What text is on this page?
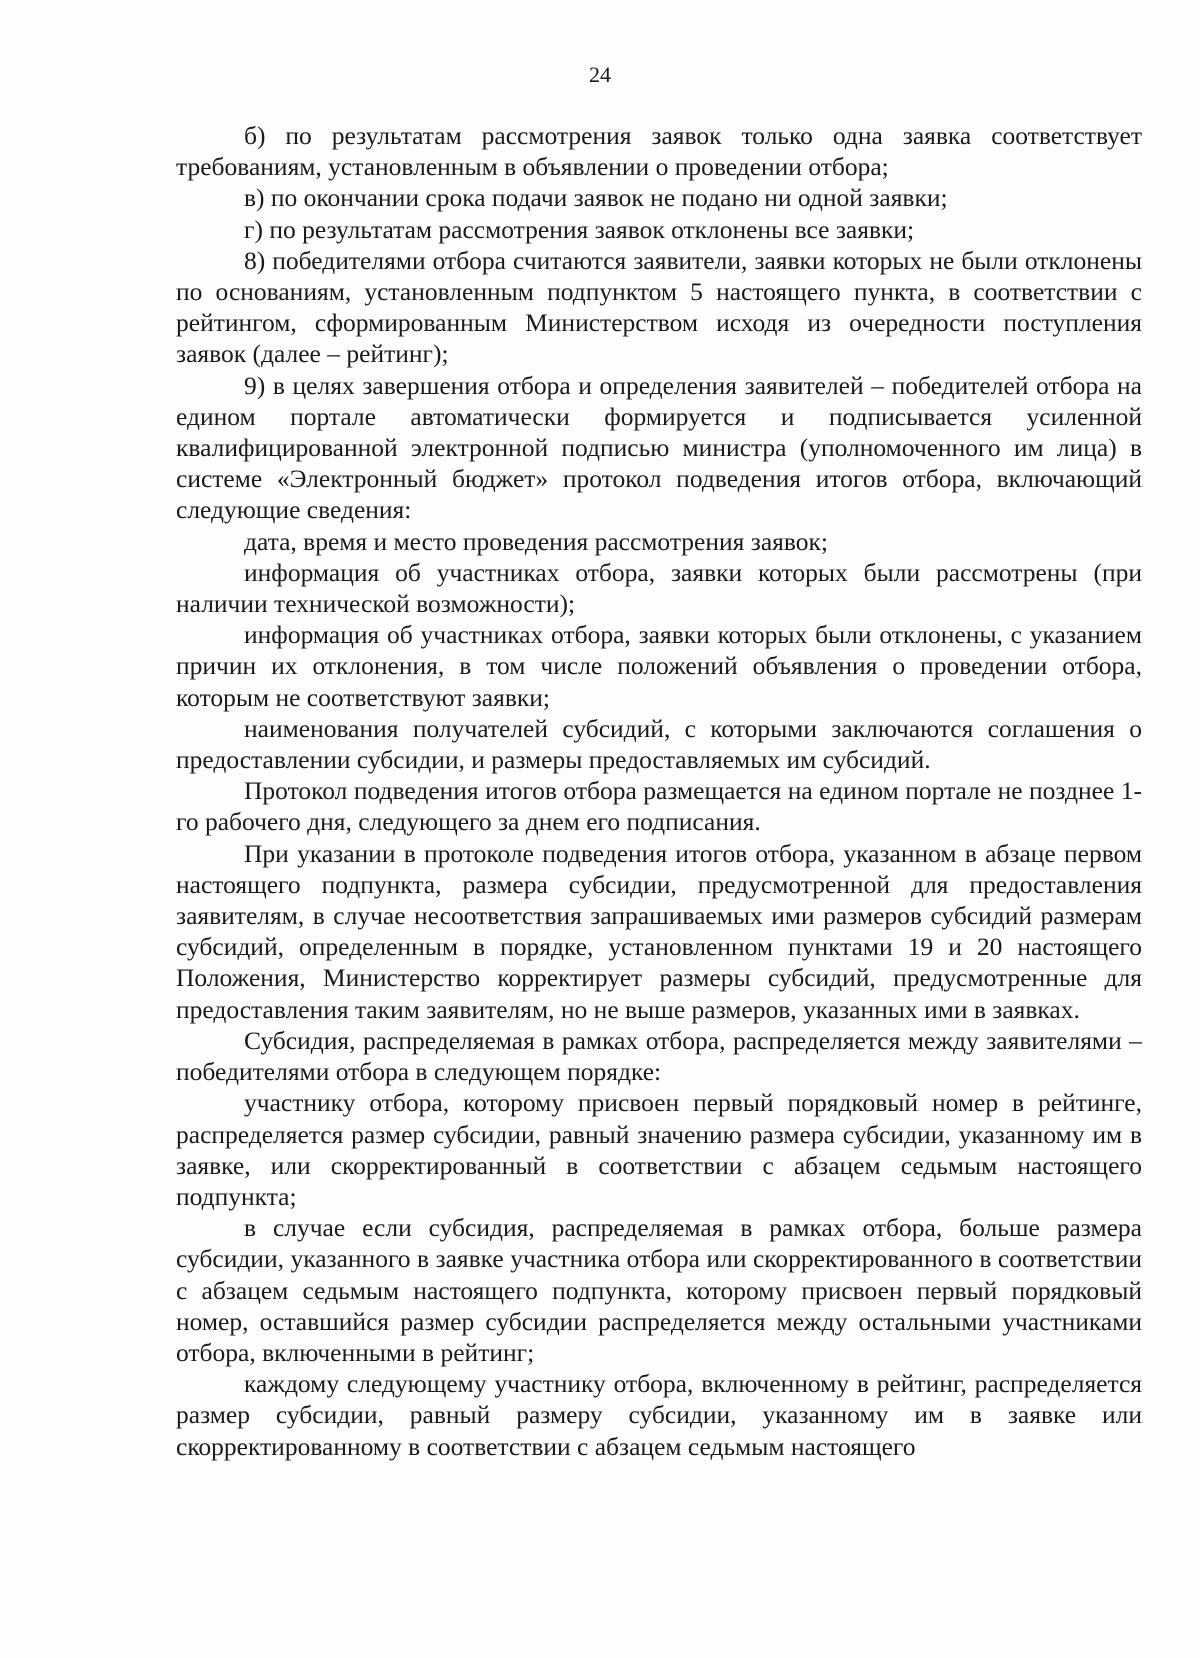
24

б) по результатам рассмотрения заявок только одна заявка соответствует требованиям, установленным в объявлении о проведении отбора;

в) по окончании срока подачи заявок не подано ни одной заявки;

г) по результатам рассмотрения заявок отклонены все заявки;

8) победителями отбора считаются заявители, заявки которых не были отклонены по основаниям, установленным подпунктом 5 настоящего пункта, в соответствии с рейтингом, сформированным Министерством исходя из очередности поступления заявок (далее – рейтинг);

9) в целях завершения отбора и определения заявителей – победителей отбора на едином портале автоматически формируется и подписывается усиленной квалифицированной электронной подписью министра (уполномоченного им лица) в системе «Электронный бюджет» протокол подведения итогов отбора, включающий следующие сведения:

дата, время и место проведения рассмотрения заявок;

информация об участниках отбора, заявки которых были рассмотрены (при наличии технической возможности);

информация об участниках отбора, заявки которых были отклонены, с указанием причин их отклонения, в том числе положений объявления о проведении отбора, которым не соответствуют заявки;

наименования получателей субсидий, с которыми заключаются соглашения о предоставлении субсидии, и размеры предоставляемых им субсидий.

Протокол подведения итогов отбора размещается на едином портале не позднее 1-го рабочего дня, следующего за днем его подписания.

При указании в протоколе подведения итогов отбора, указанном в абзаце первом настоящего подпункта, размера субсидии, предусмотренной для предоставления заявителям, в случае несоответствия запрашиваемых ими размеров субсидий размерам субсидий, определенным в порядке, установленном пунктами 19 и 20 настоящего Положения, Министерство корректирует размеры субсидий, предусмотренные для предоставления таким заявителям, но не выше размеров, указанных ими в заявках.

Субсидия, распределяемая в рамках отбора, распределяется между заявителями – победителями отбора в следующем порядке:

участнику отбора, которому присвоен первый порядковый номер в рейтинге, распределяется размер субсидии, равный значению размера субсидии, указанному им в заявке, или скорректированный в соответствии с абзацем седьмым настоящего подпункта;

в случае если субсидия, распределяемая в рамках отбора, больше размера субсидии, указанного в заявке участника отбора или скорректированного в соответствии с абзацем седьмым настоящего подпункта, которому присвоен первый порядковый номер, оставшийся размер субсидии распределяется между остальными участниками отбора, включенными в рейтинг;

каждому следующему участнику отбора, включенному в рейтинг, распределяется размер субсидии, равный размеру субсидии, указанному им в заявке или скорректированному в соответствии с абзацем седьмым настоящего
